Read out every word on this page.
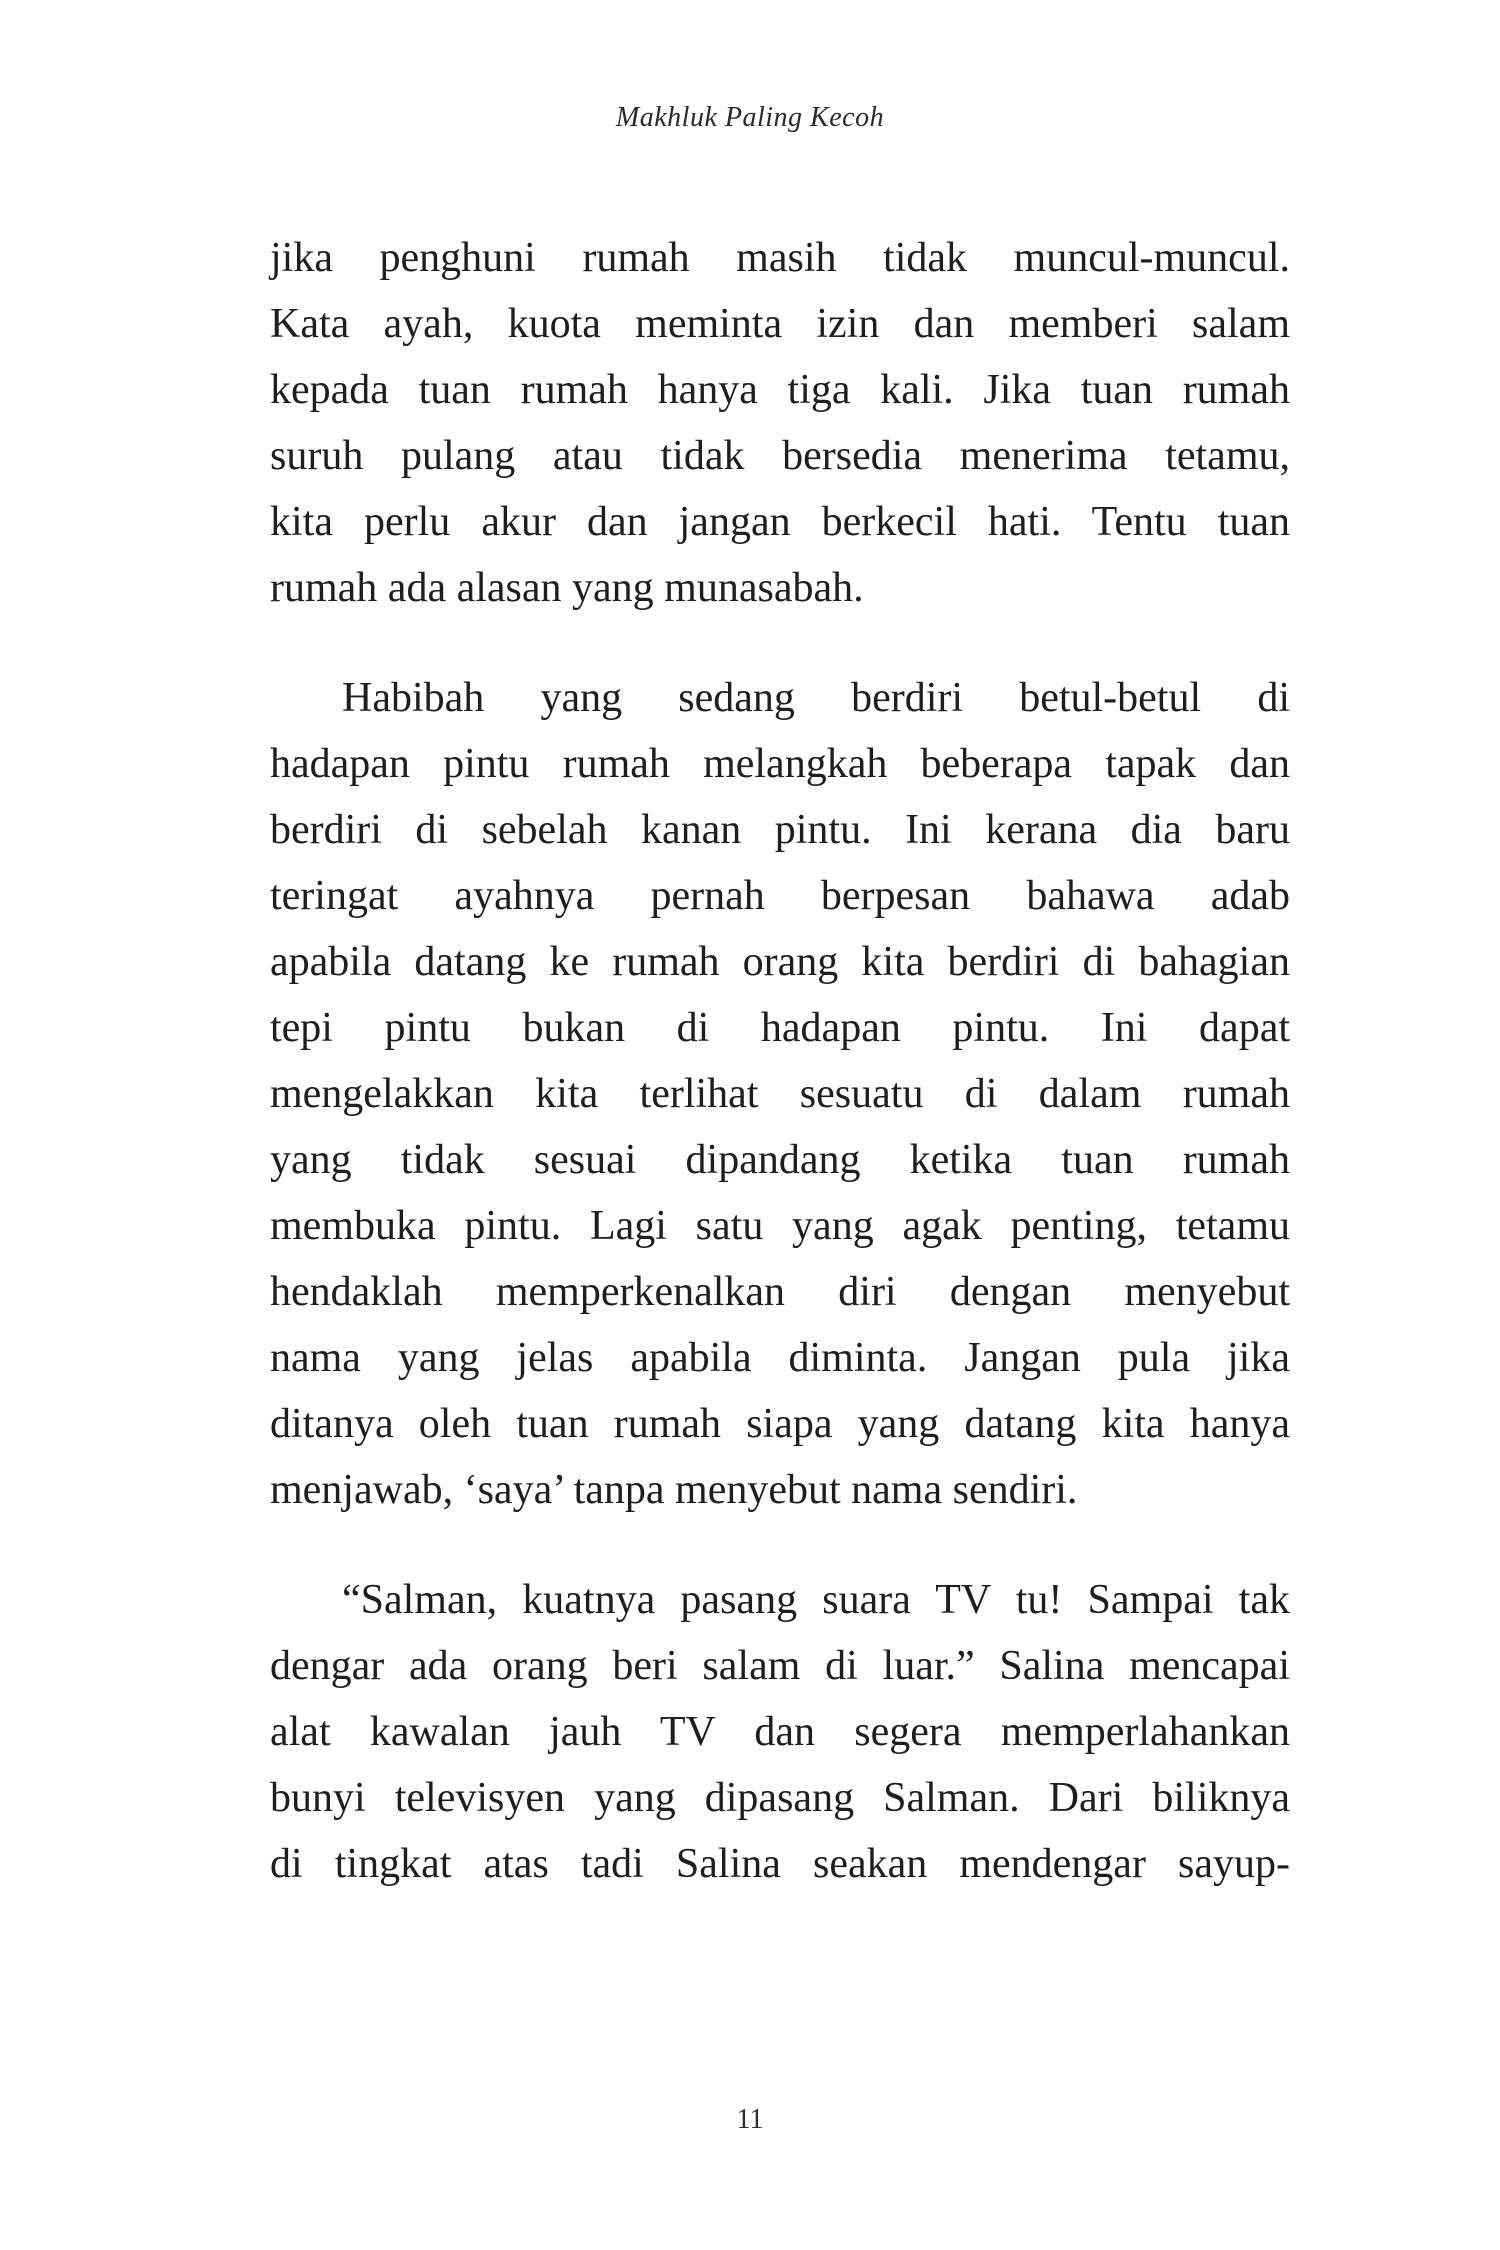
Makhluk Paling Kecoh
jika penghuni rumah masih tidak muncul-muncul.
Kata ayah, kuota meminta izin dan memberi salam
kepada tuan rumah hanya tiga kali. Jika tuan rumah
suruh pulang atau tidak bersedia menerima tetamu,
kita perlu akur dan jangan berkecil hati. Tentu tuan
rumah ada alasan yang munasabah.
Habibah yang sedang berdiri betul-betul di
hadapan pintu rumah melangkah beberapa tapak dan
berdiri di sebelah kanan pintu. Ini kerana dia baru
teringat ayahnya pernah berpesan bahawa adab
apabila datang ke rumah orang kita berdiri di bahagian
tepi pintu bukan di hadapan pintu. Ini dapat
mengelakkan kita terlihat sesuatu di dalam rumah
yang tidak sesuai dipandang ketika tuan rumah
membuka pintu. Lagi satu yang agak penting, tetamu
hendaklah memperkenalkan diri dengan menyebut
nama yang jelas apabila diminta. Jangan pula jika
ditanya oleh tuan rumah siapa yang datang kita hanya
menjawab, ‘saya’ tanpa menyebut nama sendiri.
“Salman, kuatnya pasang suara TV tu! Sampai tak
dengar ada orang beri salam di luar.” Salina mencapai
alat kawalan jauh TV dan segera memperlahankan
bunyi televisyen yang dipasang Salman. Dari biliknya
di tingkat atas tadi Salina seakan mendengar sayup-
11
